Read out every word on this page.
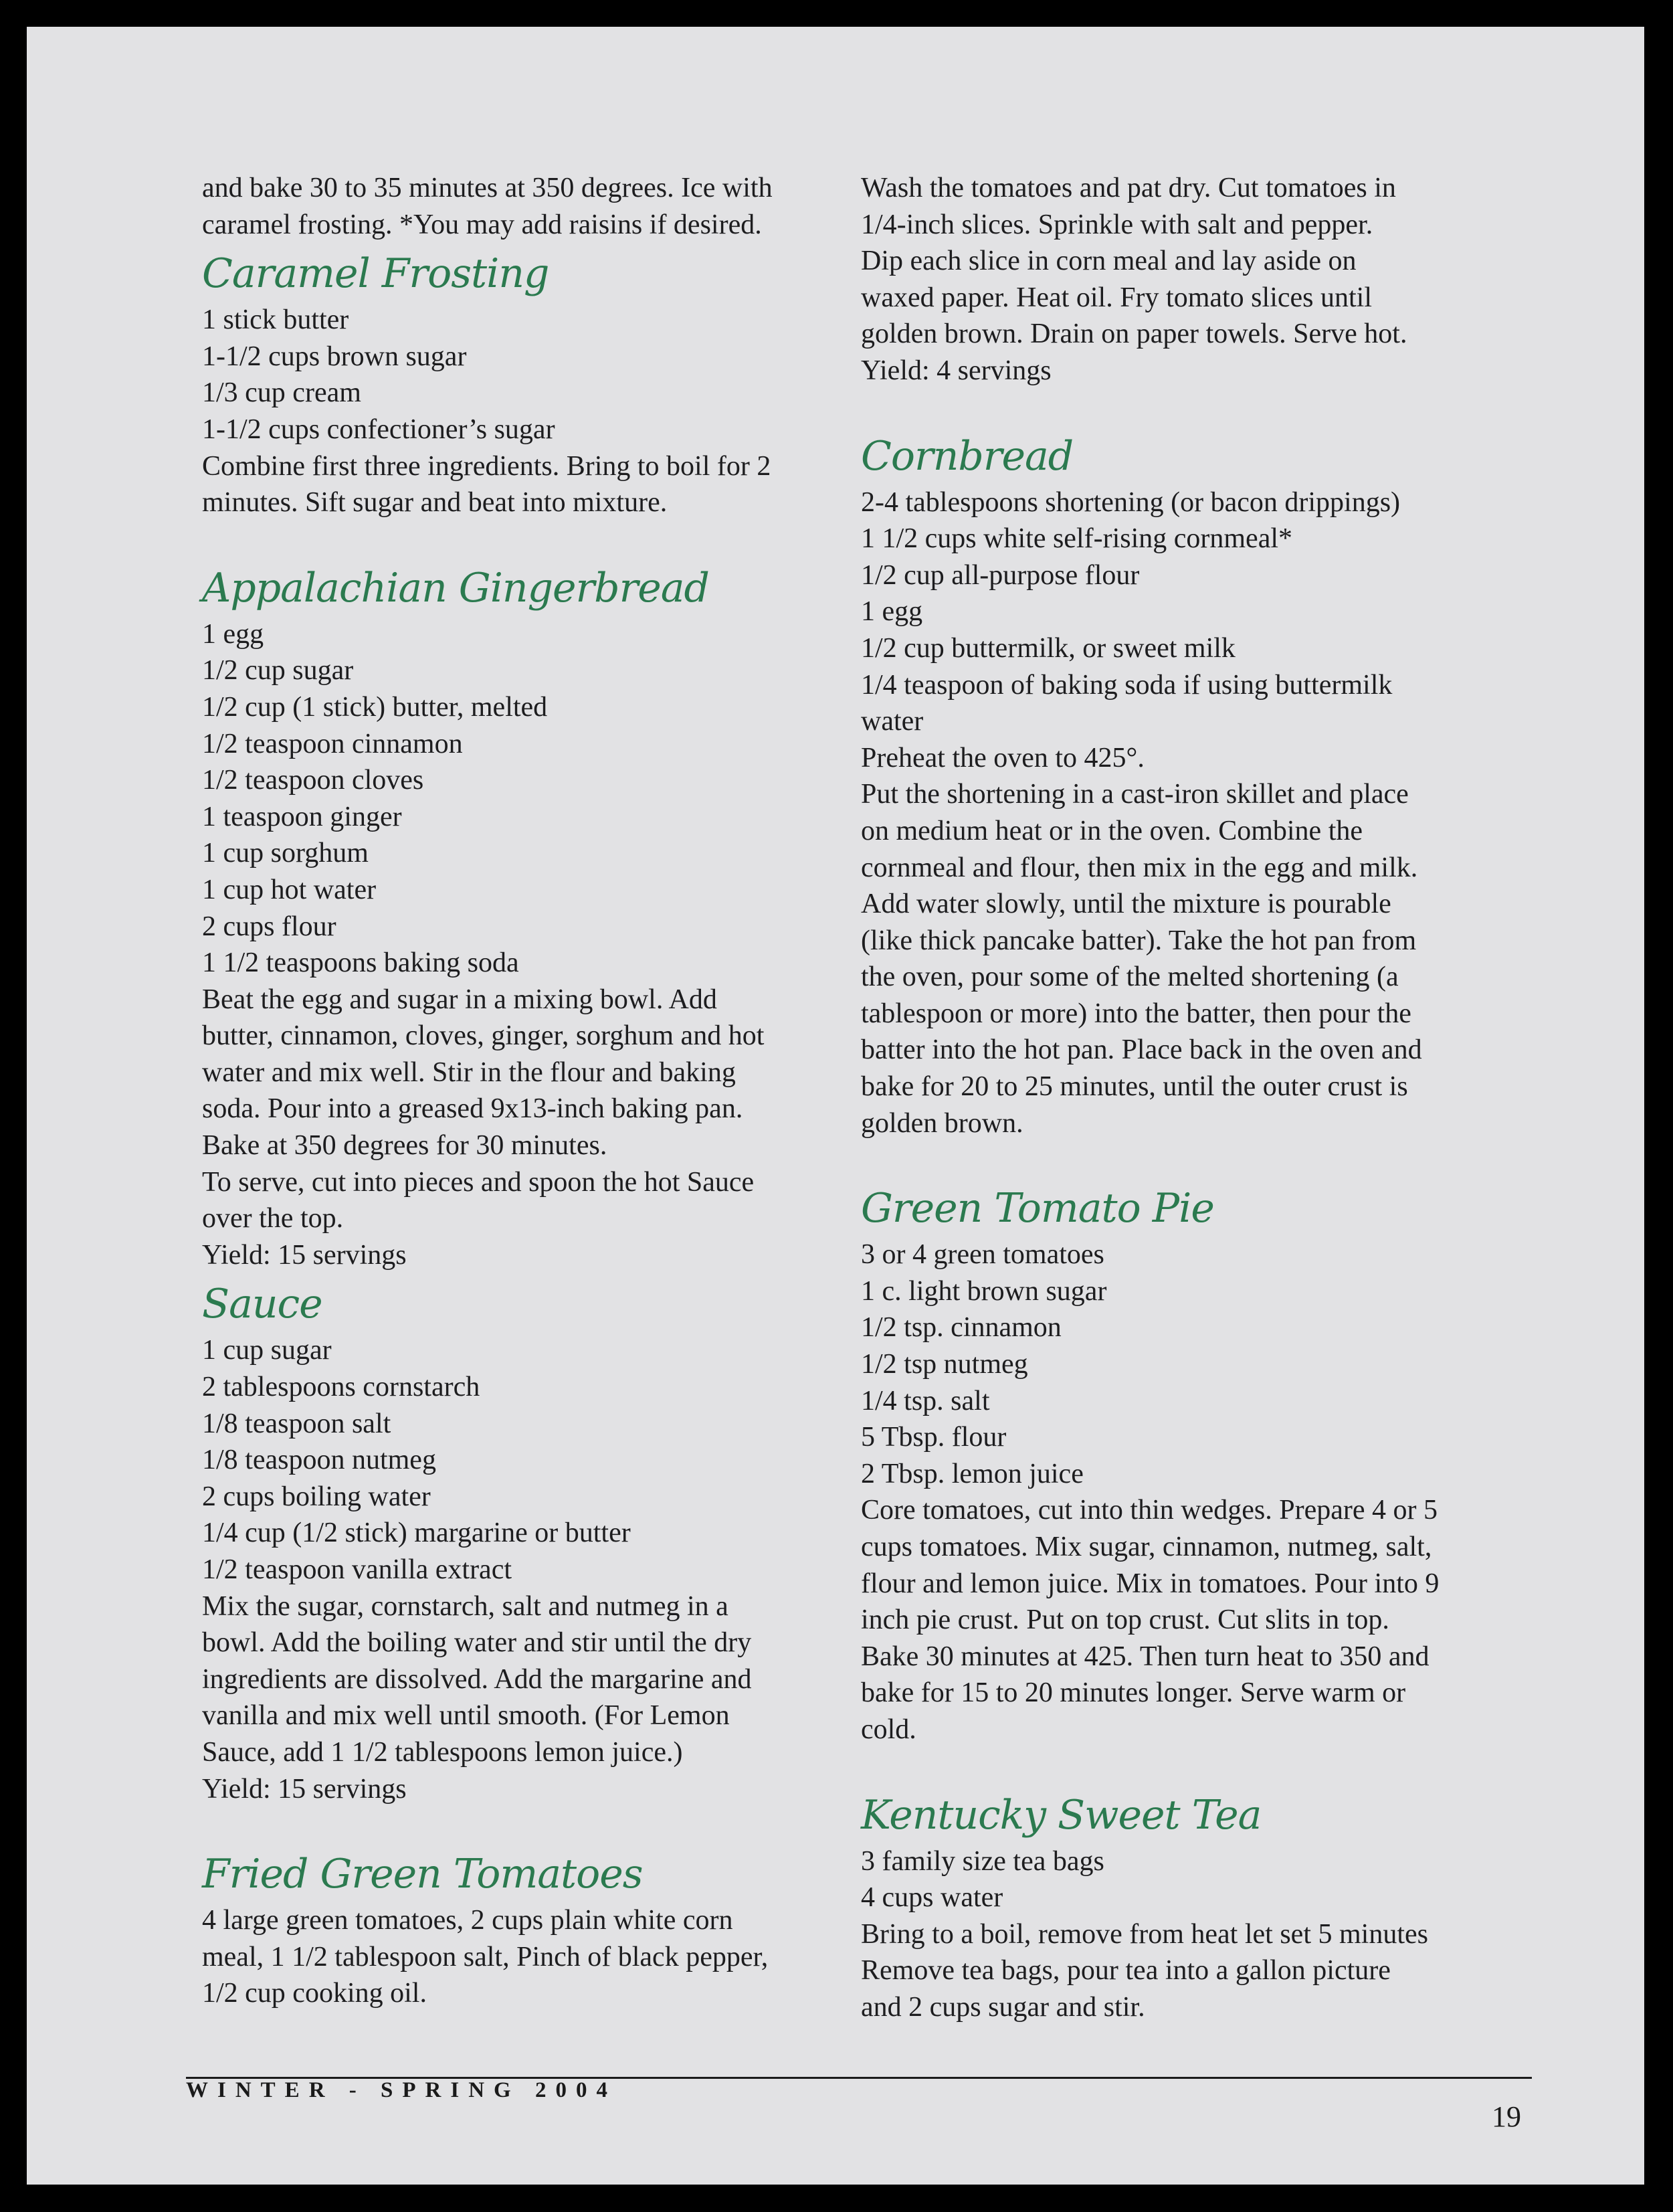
and bake 30 to 35 minutes at 350 degrees. Ice with
caramel frosting. *You may add raisins if desired.
Caramel Frosting
1 stick butter
1-1/2 cups brown sugar
1/3 cup cream
1-1/2 cups confectioner’s sugar
Combine first three ingredients. Bring to boil for 2
minutes. Sift sugar and beat into mixture.
Appalachian Gingerbread
1 egg
1/2 cup sugar
1/2 cup (1 stick) butter, melted
1/2 teaspoon cinnamon
1/2 teaspoon cloves
1 teaspoon ginger
1 cup sorghum
1 cup hot water
2 cups flour
1 1/2 teaspoons baking soda
Beat the egg and sugar in a mixing bowl. Add
butter, cinnamon, cloves, ginger, sorghum and hot
water and mix well. Stir in the flour and baking
soda. Pour into a greased 9x13-inch baking pan.
Bake at 350 degrees for 30 minutes.
To serve, cut into pieces and spoon the hot Sauce
over the top.
Yield: 15 servings
Sauce
1 cup sugar
2 tablespoons cornstarch
1/8 teaspoon salt
1/8 teaspoon nutmeg
2 cups boiling water
1/4 cup (1/2 stick) margarine or butter
1/2 teaspoon vanilla extract
Mix the sugar, cornstarch, salt and nutmeg in a
bowl. Add the boiling water and stir until the dry
ingredients are dissolved. Add the margarine and
vanilla and mix well until smooth. (For Lemon
Sauce, add 1 1/2 tablespoons lemon juice.)
Yield: 15 servings
Fried Green Tomatoes
4 large green tomatoes, 2 cups plain white corn
meal, 1 1/2 tablespoon salt, Pinch of black pepper,
1/2 cup cooking oil.
Wash the tomatoes and pat dry. Cut tomatoes in
1/4-inch slices. Sprinkle with salt and pepper.
Dip each slice in corn meal and lay aside on
waxed paper. Heat oil. Fry tomato slices until
golden brown. Drain on paper towels. Serve hot.
Yield: 4 servings
Cornbread
2-4 tablespoons shortening (or bacon drippings)
1 1/2 cups white self-rising cornmeal*
1/2 cup all-purpose flour
1 egg
1/2 cup buttermilk, or sweet milk
1/4 teaspoon of baking soda if using buttermilk
water
Preheat the oven to 425°.
Put the shortening in a cast-iron skillet and place
on medium heat or in the oven. Combine the
cornmeal and flour, then mix in the egg and milk.
Add water slowly, until the mixture is pourable
(like thick pancake batter). Take the hot pan from
the oven, pour some of the melted shortening (a
tablespoon or more) into the batter, then pour the
batter into the hot pan. Place back in the oven and
bake for 20 to 25 minutes, until the outer crust is
golden brown.
Green Tomato Pie
3 or 4 green tomatoes
1 c. light brown sugar
1/2 tsp. cinnamon
1/2 tsp nutmeg
1/4 tsp. salt
5 Tbsp. flour
2 Tbsp. lemon juice
Core tomatoes, cut into thin wedges. Prepare 4 or 5
cups tomatoes. Mix sugar, cinnamon, nutmeg, salt,
flour and lemon juice. Mix in tomatoes. Pour into 9
inch pie crust. Put on top crust. Cut slits in top.
Bake 30 minutes at 425. Then turn heat to 350 and
bake for 15 to 20 minutes longer. Serve warm or
cold.
Kentucky Sweet Tea
3 family size tea bags
4 cups water
Bring to a boil, remove from heat let set 5 minutes
Remove tea bags, pour tea into a gallon picture
and 2 cups sugar and stir.
WINTER - SPRING 2004
19
